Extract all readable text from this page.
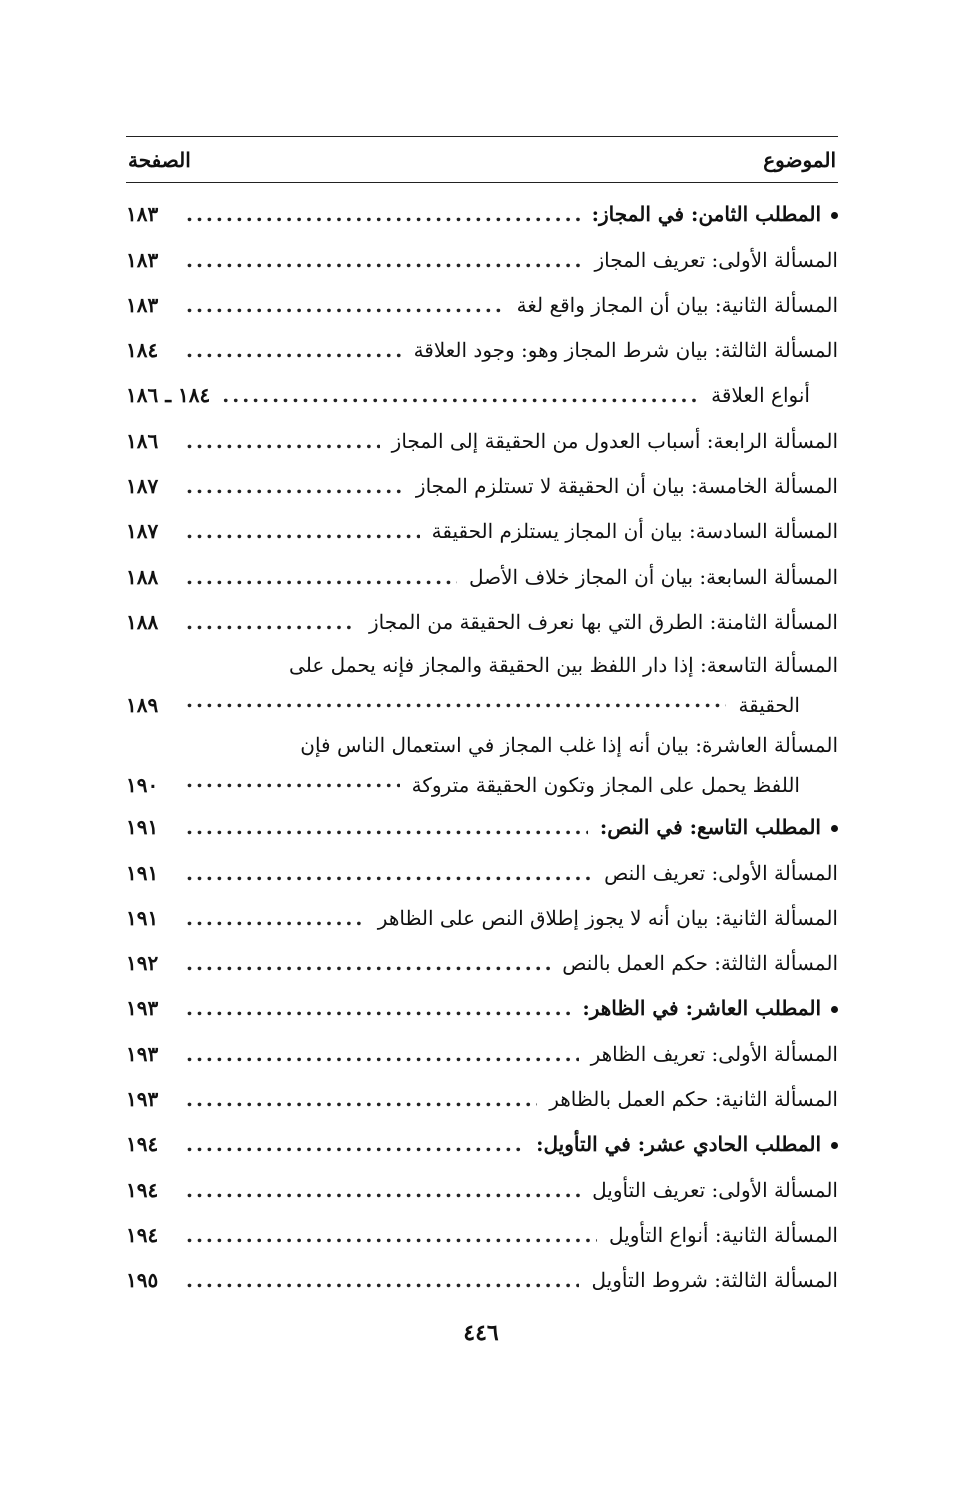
الموضوع
الصفحة
المطلب الثامن: في المجاز:
.....
١٨٣
المسألة الأولى: تعريف المجاز
.....
١٨٣
المسألة الثانية: بيان أن المجاز واقع لغة
.....
١٨٣
المسألة الثالثة: بيان شرط المجاز وهو: وجود العلاقة
.....
١٨٤
أنواع العلاقة
.....
١٨٤ ـ ١٨٦
المسألة الرابعة: أسباب العدول من الحقيقة إلى المجاز
.....
١٨٦
المسألة الخامسة: بيان أن الحقيقة لا تستلزم المجاز
.....
١٨٧
المسألة السادسة: بيان أن المجاز يستلزم الحقيقة
.....
١٨٧
المسألة السابعة: بيان أن المجاز خلاف الأصل
.....
١٨٨
المسألة الثامنة: الطرق التي بها نعرف الحقيقة من المجاز
.....
١٨٨
المسألة التاسعة: إذا دار اللفظ بين الحقيقة والمجاز فإنه يحمل على
الحقيقة
.....
١٨٩
المسألة العاشرة: بيان أنه إذا غلب المجاز في استعمال الناس فإن
اللفظ يحمل على المجاز وتكون الحقيقة متروكة
.....
١٩٠
المطلب التاسع: في النص:
.....
١٩١
المسألة الأولى: تعريف النص
.....
١٩١
المسألة الثانية: بيان أنه لا يجوز إطلاق النص على الظاهر
.....
١٩١
المسألة الثالثة: حكم العمل بالنص
.....
١٩٢
المطلب العاشر: في الظاهر:
.....
١٩٣
المسألة الأولى: تعريف الظاهر
.....
١٩٣
المسألة الثانية: حكم العمل بالظاهر
.....
١٩٣
المطلب الحادي عشر: في التأويل:
.....
١٩٤
المسألة الأولى: تعريف التأويل
.....
١٩٤
المسألة الثانية: أنواع التأويل
.....
١٩٤
المسألة الثالثة: شروط التأويل
.....
١٩٥
٤٤٦
